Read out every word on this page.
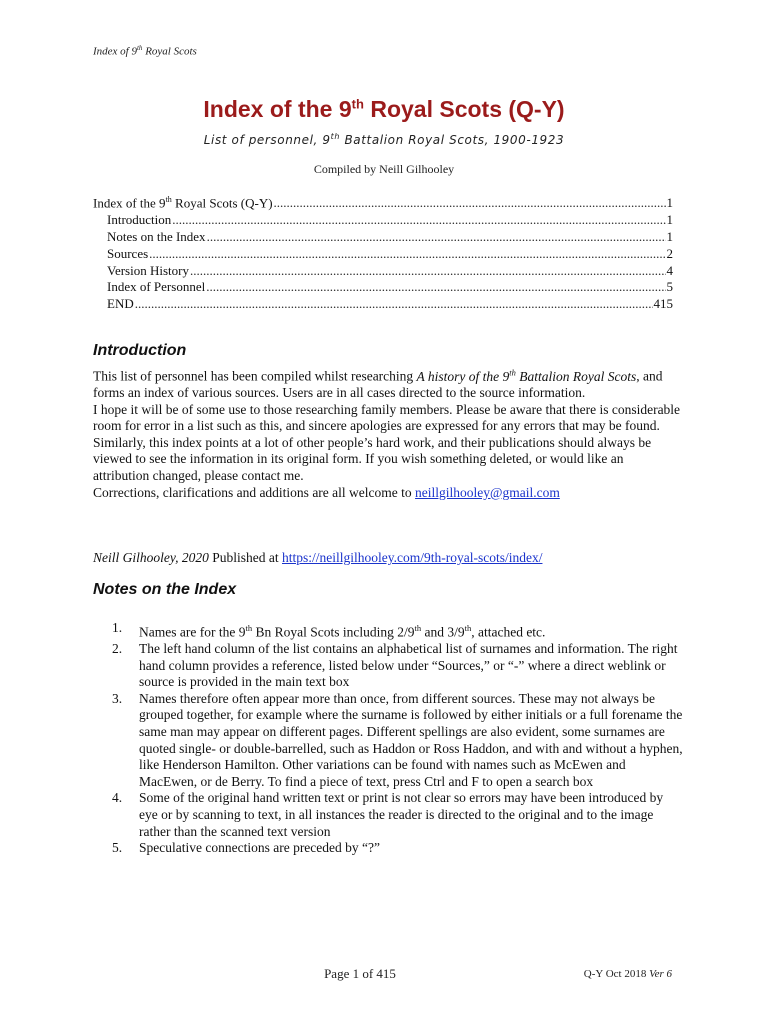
Index of 9th Royal Scots
Index of the 9th Royal Scots (Q-Y)
List of personnel, 9th Battalion Royal Scots, 1900-1923
Compiled by Neill Gilhooley
Index of the 9th Royal Scots (Q-Y) .....	1
Introduction .....	1
Notes on the Index .....	1
Sources .....	2
Version History .....	4
Index of Personnel .....	5
END .....	415
Introduction

This list of personnel has been compiled whilst researching A history of the 9th Battalion Royal Scots, and forms an index of various sources. Users are in all cases directed to the source information.

I hope it will be of some use to those researching family members. Please be aware that there is considerable room for error in a list such as this, and sincere apologies are expressed for any errors that may be found.

Similarly, this index points at a lot of other people’s hard work, and their publications should always be viewed to see the information in its original form. If you wish something deleted, or would like an attribution changed, please contact me.

Corrections, clarifications and additions are all welcome to neillgilhooley@gmail.com

Neill Gilhooley, 2020 Published at https://neillgilhooley.com/9th-royal-scots/index/
Notes on the Index
1. Names are for the 9th Bn Royal Scots including 2/9th and 3/9th, attached etc.
2. The left hand column of the list contains an alphabetical list of surnames and information. The right hand column provides a reference, listed below under “Sources,” or “-” where a direct weblink or source is provided in the main text box
3. Names therefore often appear more than once, from different sources. These may not always be grouped together, for example where the surname is followed by either initials or a full forename the same man may appear on different pages. Different spellings are also evident, some surnames are quoted single- or double-barrelled, such as Haddon or Ross Haddon, and with and without a hyphen, like Henderson Hamilton. Other variations can be found with names such as McEwen and MacEwen, or de Berry. To find a piece of text, press Ctrl and F to open a search box
4. Some of the original hand written text or print is not clear so errors may have been introduced by eye or by scanning to text, in all instances the reader is directed to the original and to the image rather than the scanned text version
5. Speculative connections are preceded by “?”
Page 1 of 415	Q-Y Oct 2018 Ver 6
